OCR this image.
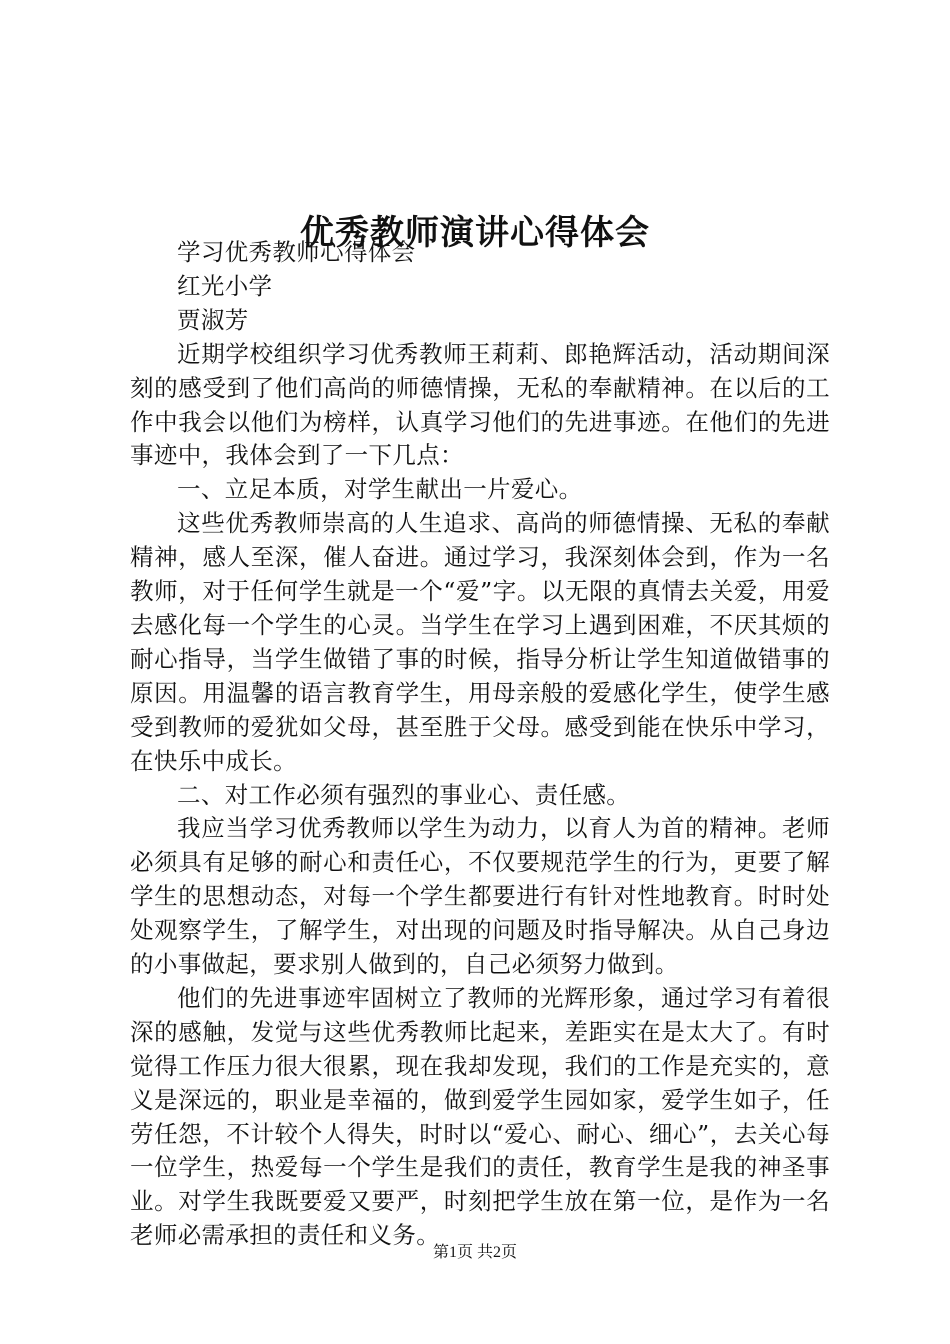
优秀教师演讲心得体会

学习优秀教师心得体会

红光小学

贾淑芳

近期学校组织学习优秀教师王莉莉、郎艳辉活动，活动期间深刻的感受到了他们高尚的师德情操，无私的奉献精神。在以后的工作中我会以他们为榜样，认真学习他们的先进事迹。在他们的先进事迹中，我体会到了一下几点：

一、立足本质，对学生献出一片爱心。

这些优秀教师崇高的人生追求、高尚的师德情操、无私的奉献精神，感人至深，催人奋进。通过学习，我深刻体会到，作为一名教师，对于任何学生就是一个“爱”字。以无限的真情去关爱，用爱去感化每一个学生的心灵。当学生在学习上遇到困难，不厌其烦的耐心指导，当学生做错了事的时候，指导分析让学生知道做错事的原因。用温馨的语言教育学生，用母亲般的爱感化学生，使学生感受到教师的爱犹如父母，甚至胜于父母。感受到能在快乐中学习，在快乐中成长。

二、对工作必须有强烈的事业心、责任感。

我应当学习优秀教师以学生为动力，以育人为首的精神。老师必须具有足够的耐心和责任心，不仅要规范学生的行为，更要了解学生的思想动态，对每一个学生都要进行有针对性地教育。时时处处观察学生，了解学生，对出现的问题及时指导解决。从自己身边的小事做起，要求别人做到的，自己必须努力做到。

他们的先进事迹牢固树立了教师的光辉形象，通过学习有着很深的感触，发觉与这些优秀教师比起来，差距实在是太大了。有时觉得工作压力很大很累，现在我却发现，我们的工作是充实的，意义是深远的，职业是幸福的，做到爱学生园如家，爱学生如子，任劳任怨，不计较个人得失，时时以“爱心、耐心、细心”，去关心每一位学生，热爱每一个学生是我们的责任，教育学生是我的神圣事业。对学生我既要爱又要严，时刻把学生放在第一位，是作为一名老师必需承担的责任和义务。

第1页 共2页
